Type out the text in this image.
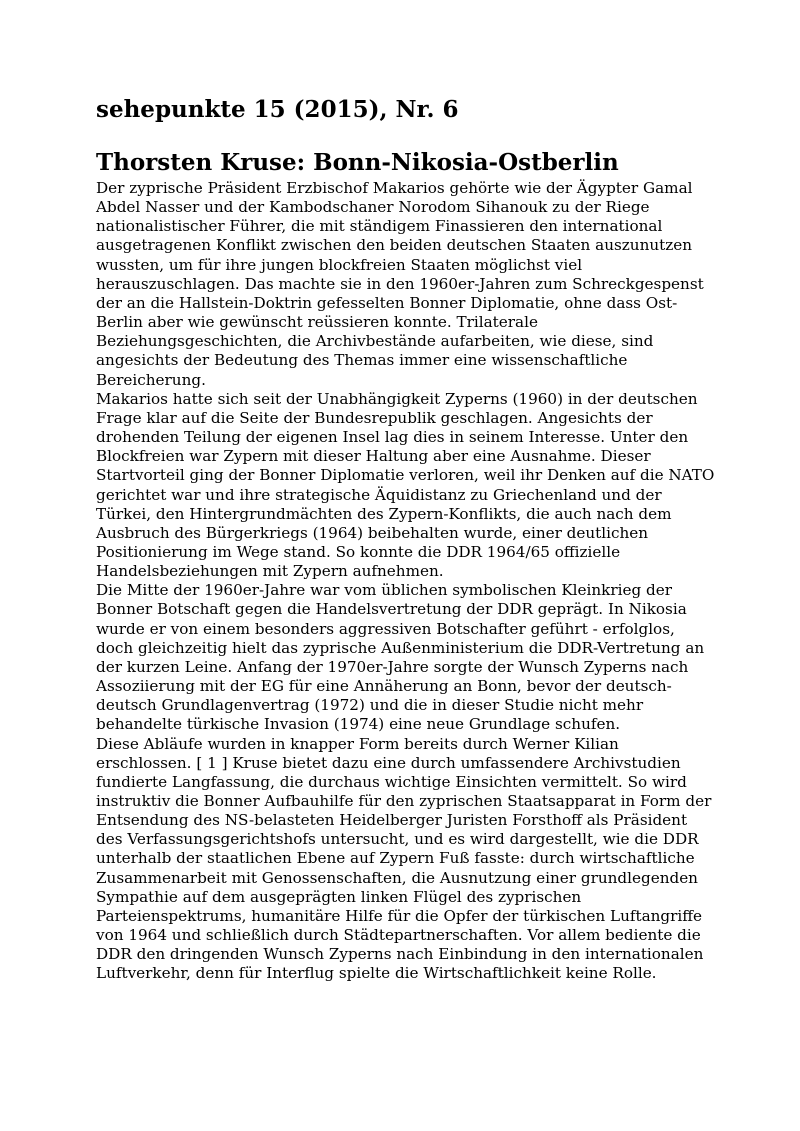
sehepunkte 15 (2015), Nr. 6
Thorsten Kruse: Bonn-Nikosia-Ostberlin

Der zyprische Präsident Erzbischof Makarios gehörte wie der Ägypter Gamal Abdel Nasser und der Kambodschaner Norodom Sihanouk zu der Riege nationalistischer Führer, die mit ständigem Finassieren den international ausgetragenen Konflikt zwischen den beiden deutschen Staaten auszunutzen wussten, um für ihre jungen blockfreien Staaten möglichst viel herauszuschlagen. Das machte sie in den 1960er-Jahren zum Schreckgespenst der an die Hallstein-Doktrin gefesselten Bonner Diplomatie, ohne dass Ost-Berlin aber wie gewünscht reüssieren konnte. Trilaterale Beziehungsgeschichten, die Archivbestände aufarbeiten, wie diese, sind angesichts der Bedeutung des Themas immer eine wissenschaftliche Bereicherung.

Makarios hatte sich seit der Unabhängigkeit Zyperns (1960) in der deutschen Frage klar auf die Seite der Bundesrepublik geschlagen. Angesichts der drohenden Teilung der eigenen Insel lag dies in seinem Interesse. Unter den Blockfreien war Zypern mit dieser Haltung aber eine Ausnahme. Dieser Startvorteil ging der Bonner Diplomatie verloren, weil ihr Denken auf die NATO gerichtet war und ihre strategische Äquidistanz zu Griechenland und der Türkei, den Hintergrundmächten des Zypern-Konflikts, die auch nach dem Ausbruch des Bürgerkriegs (1964) beibehalten wurde, einer deutlichen Positionierung im Wege stand. So konnte die DDR 1964/65 offizielle Handelsbeziehungen mit Zypern aufnehmen.

Die Mitte der 1960er-Jahre war vom üblichen symbolischen Kleinkrieg der Bonner Botschaft gegen die Handelsvertretung der DDR geprägt. In Nikosia wurde er von einem besonders aggressiven Botschafter geführt - erfolglos, doch gleichzeitig hielt das zyprische Außenministerium die DDR-Vertretung an der kurzen Leine. Anfang der 1970er-Jahre sorgte der Wunsch Zyperns nach Assoziierung mit der EG für eine Annäherung an Bonn, bevor der deutsch-deutsch Grundlagenvertrag (1972) und die in dieser Studie nicht mehr behandelte türkische Invasion (1974) eine neue Grundlage schufen.

Diese Abläufe wurden in knapper Form bereits durch Werner Kilian erschlossen. [ 1 ] Kruse bietet dazu eine durch umfassendere Archivstudien fundierte Langfassung, die durchaus wichtige Einsichten vermittelt. So wird instruktiv die Bonner Aufbauhilfe für den zyprischen Staatsapparat in Form der Entsendung des NS-belasteten Heidelberger Juristen Forsthoff als Präsident des Verfassungsgerichtshofs untersucht, und es wird dargestellt, wie die DDR unterhalb der staatlichen Ebene auf Zypern Fuß fasste: durch wirtschaftliche Zusammenarbeit mit Genossenschaften, die Ausnutzung einer grundlegenden Sympathie auf dem ausgeprägten linken Flügel des zyprischen Parteienspektrums, humanitäre Hilfe für die Opfer der türkischen Luftangriffe von 1964 und schließlich durch Städtepartnerschaften. Vor allem bediente die DDR den dringenden Wunsch Zyperns nach Einbindung in den internationalen Luftverkehr, denn für Interflug spielte die Wirtschaftlichkeit keine Rolle.
